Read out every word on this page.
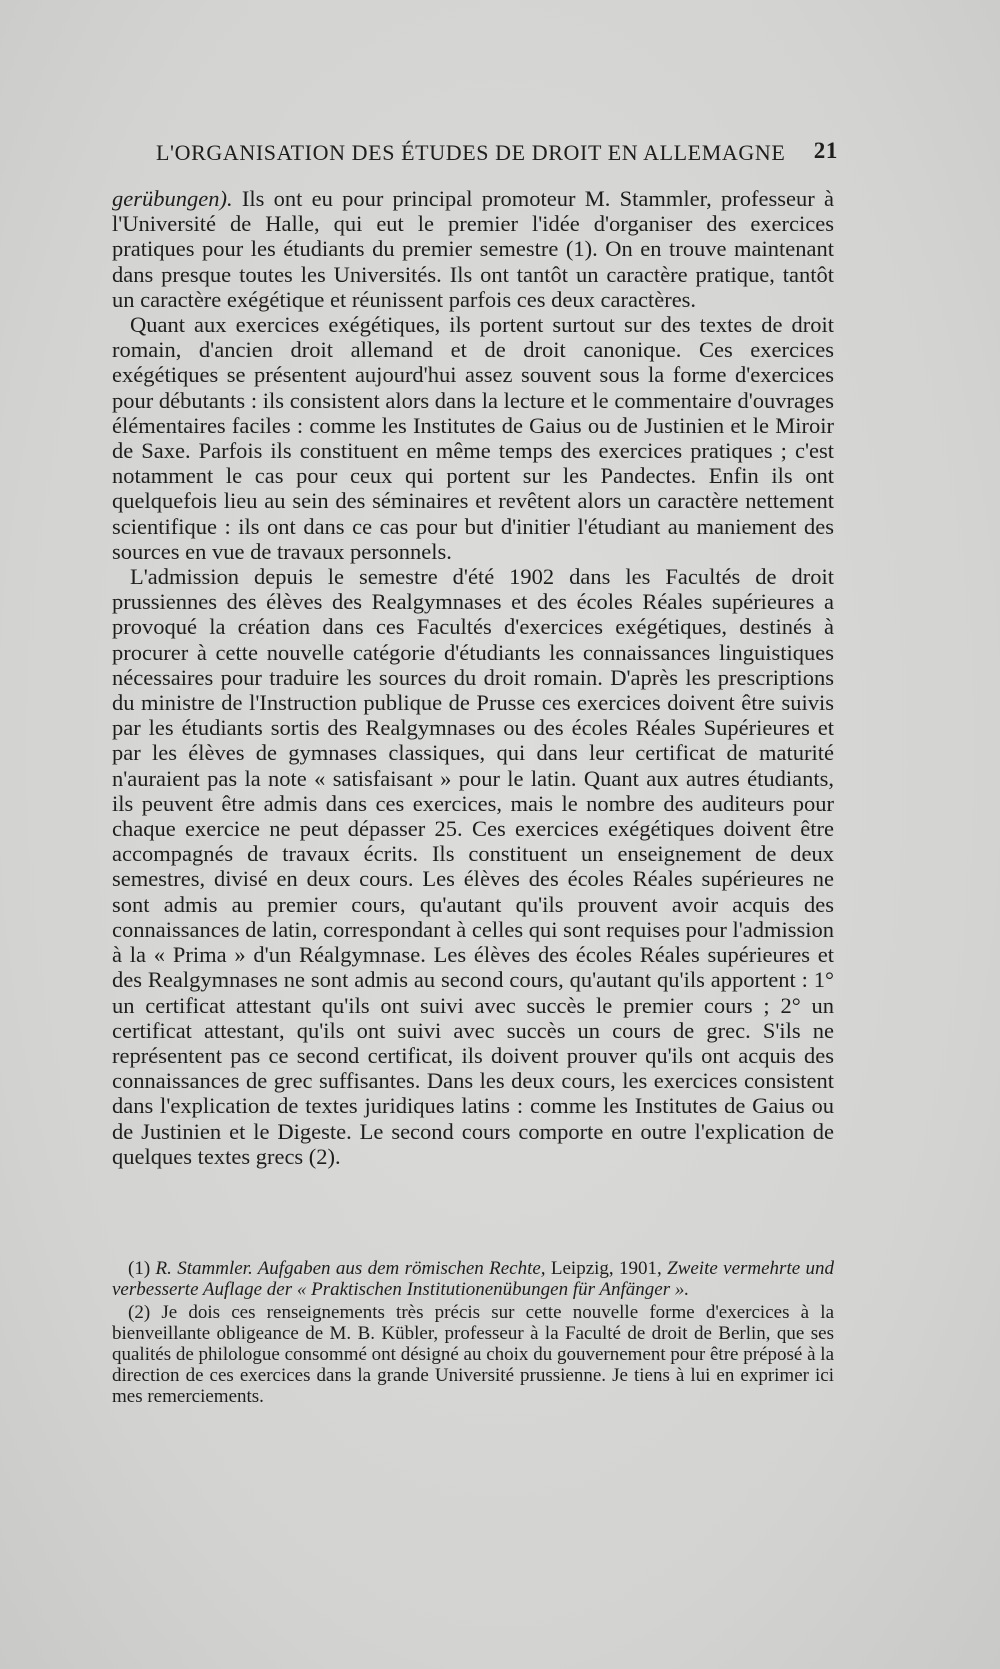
L'ORGANISATION DES ÉTUDES DE DROIT EN ALLEMAGNE 21

gerübungen). Ils ont eu pour principal promoteur M. Stammler, professeur à l'Université de Halle, qui eut le premier l'idée d'organiser des exercices pratiques pour les étudiants du premier semestre (1). On en trouve maintenant dans presque toutes les Universités. Ils ont tantôt un caractère pratique, tantôt un caractère exégétique et réunissent parfois ces deux caractères.

Quant aux exercices exégétiques, ils portent surtout sur des textes de droit romain, d'ancien droit allemand et de droit canonique. Ces exercices exégétiques se présentent aujourd'hui assez souvent sous la forme d'exercices pour débutants : ils consistent alors dans la lecture et le commentaire d'ouvrages élémentaires faciles : comme les Institutes de Gaius ou de Justinien et le Miroir de Saxe. Parfois ils constituent en même temps des exercices pratiques ; c'est notamment le cas pour ceux qui portent sur les Pandectes. Enfin ils ont quelquefois lieu au sein des séminaires et revêtent alors un caractère nettement scientifique : ils ont dans ce cas pour but d'initier l'étudiant au maniement des sources en vue de travaux personnels.

L'admission depuis le semestre d'été 1902 dans les Facultés de droit prussiennes des élèves des Realgymnases et des écoles Réales supérieures a provoqué la création dans ces Facultés d'exercices exégétiques, destinés à procurer à cette nouvelle catégorie d'étudiants les connaissances linguistiques nécessaires pour traduire les sources du droit romain. D'après les prescriptions du ministre de l'Instruction publique de Prusse ces exercices doivent être suivis par les étudiants sortis des Realgymnases ou des écoles Réales Supérieures et par les élèves de gymnases classiques, qui dans leur certificat de maturité n'auraient pas la note « satisfaisant » pour le latin. Quant aux autres étudiants, ils peuvent être admis dans ces exercices, mais le nombre des auditeurs pour chaque exercice ne peut dépasser 25. Ces exercices exégétiques doivent être accompagnés de travaux écrits. Ils constituent un enseignement de deux semestres, divisé en deux cours. Les élèves des écoles Réales supérieures ne sont admis au premier cours, qu'autant qu'ils prouvent avoir acquis des connaissances de latin, correspondant à celles qui sont requises pour l'admission à la « Prima » d'un Réalgymnase. Les élèves des écoles Réales supérieures et des Realgymnases ne sont admis au second cours, qu'autant qu'ils apportent : 1° un certificat attestant qu'ils ont suivi avec succès le premier cours ; 2° un certificat attestant, qu'ils ont suivi avec succès un cours de grec. S'ils ne représentent pas ce second certificat, ils doivent prouver qu'ils ont acquis des connaissances de grec suffisantes. Dans les deux cours, les exercices consistent dans l'explication de textes juridiques latins : comme les Institutes de Gaius ou de Justinien et le Digeste. Le second cours comporte en outre l'explication de quelques textes grecs (2).

(1) R. Stammler. Aufgaben aus dem römischen Rechte, Leipzig, 1901, Zweite vermehrte und verbesserte Auflage der « Praktischen Institutionenübungen für Anfänger ».

(2) Je dois ces renseignements très précis sur cette nouvelle forme d'exercices à la bienveillante obligeance de M. B. Kübler, professeur à la Faculté de droit de Berlin, que ses qualités de philologue consommé ont désigné au choix du gouvernement pour être préposé à la direction de ces exercices dans la grande Université prussienne. Je tiens à lui en exprimer ici mes remerciements.
